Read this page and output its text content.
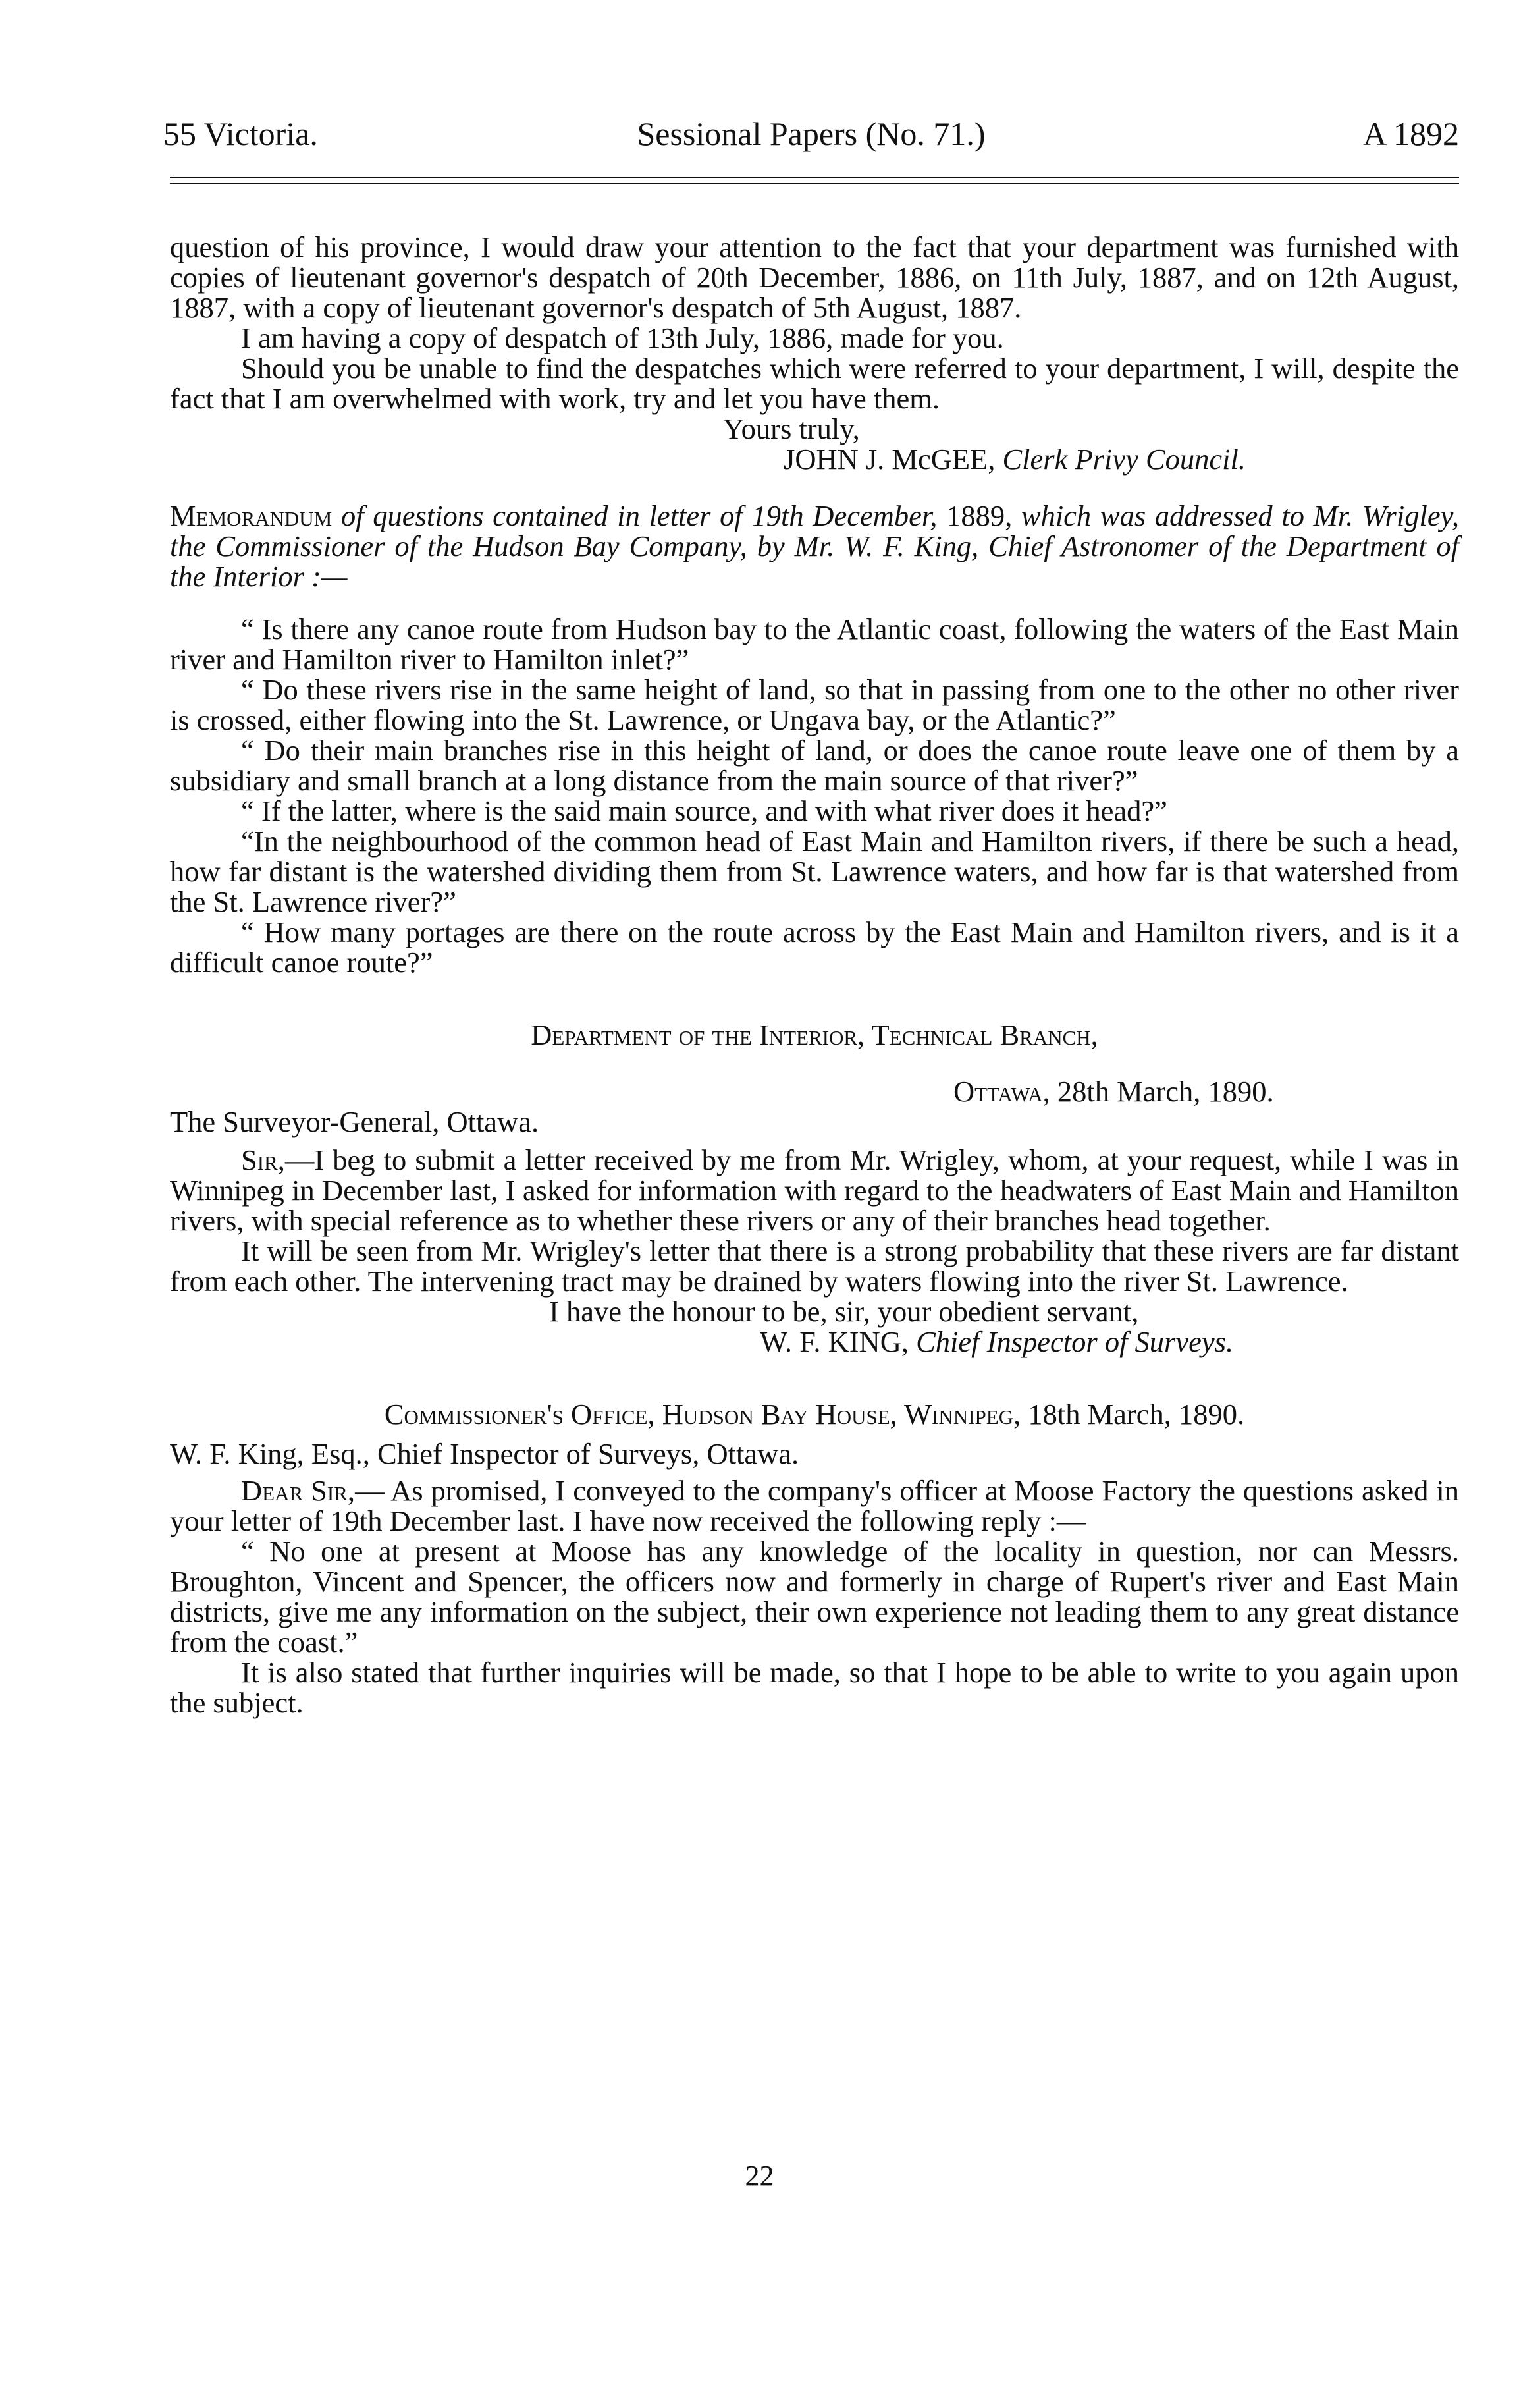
55 Victoria.	Sessional Papers (No. 71.)	A 1892

question of his province, I would draw your attention to the fact that your department was furnished with copies of lieutenant governor's despatch of 20th December, 1886, on 11th July, 1887, and on 12th August, 1887, with a copy of lieutenant governor's despatch of 5th August, 1887.

I am having a copy of despatch of 13th July, 1886, made for you.

Should you be unable to find the despatches which were referred to your department, I will, despite the fact that I am overwhelmed with work, try and let you have them.

Yours truly,

JOHN J. McGEE, Clerk Privy Council.

Memorandum of questions contained in letter of 19th December, 1889, which was addressed to Mr. Wrigley, the Commissioner of the Hudson Bay Company, by Mr. W. F. King, Chief Astronomer of the Department of the Interior :—

“ Is there any canoe route from Hudson bay to the Atlantic coast, following the waters of the East Main river and Hamilton river to Hamilton inlet?”

“ Do these rivers rise in the same height of land, so that in passing from one to the other no other river is crossed, either flowing into the St. Lawrence, or Ungava bay, or the Atlantic?”

“ Do their main branches rise in this height of land, or does the canoe route leave one of them by a subsidiary and small branch at a long distance from the main source of that river?”

“ If the latter, where is the said main source, and with what river does it head?”

“In the neighbourhood of the common head of East Main and Hamilton rivers, if there be such a head, how far distant is the watershed dividing them from St. Lawrence waters, and how far is that watershed from the St. Lawrence river?”

“ How many portages are there on the route across by the East Main and Hamilton rivers, and is it a difficult canoe route?”

Department of the Interior, Technical Branch,

Ottawa, 28th March, 1890.

The Surveyor-General, Ottawa.

Sir,—I beg to submit a letter received by me from Mr. Wrigley, whom, at your request, while I was in Winnipeg in December last, I asked for information with regard to the headwaters of East Main and Hamilton rivers, with special reference as to whether these rivers or any of their branches head together.

It will be seen from Mr. Wrigley's letter that there is a strong probability that these rivers are far distant from each other. The intervening tract may be drained by waters flowing into the river St. Lawrence.

I have the honour to be, sir, your obedient servant,

W. F. KING, Chief Inspector of Surveys.

Commissioner's Office, Hudson Bay House, Winnipeg, 18th March, 1890.

W. F. King, Esq., Chief Inspector of Surveys, Ottawa.

Dear Sir,— As promised, I conveyed to the company's officer at Moose Factory the questions asked in your letter of 19th December last. I have now received the following reply :—

“ No one at present at Moose has any knowledge of the locality in question, nor can Messrs. Broughton, Vincent and Spencer, the officers now and formerly in charge of Rupert's river and East Main districts, give me any information on the subject, their own experience not leading them to any great distance from the coast.”

It is also stated that further inquiries will be made, so that I hope to be able to write to you again upon the subject.

22
